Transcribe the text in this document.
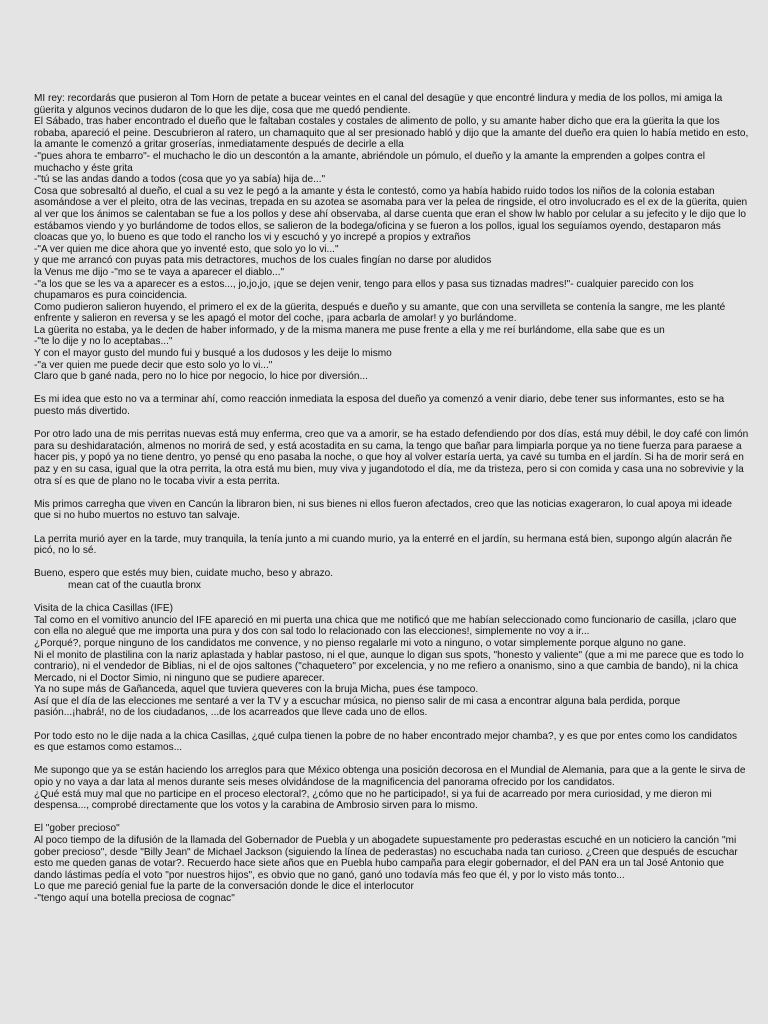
MI rey: recordarás que pusieron al Tom Horn de petate a bucear veintes en el canal del desagüe y que encontré lindura y media de los pollos, mi amiga la
güerita y algunos vecinos dudaron de lo que les dije, cosa que me quedó pendiente.
El Sábado, tras haber encontrado el dueño que le faltaban costales y costales de alimento de pollo, y su amante haber dicho que era la güerita la que los
robaba, apareció el peine. Descubrieron al ratero, un chamaquito que al ser presionado habló y dijo que la amante del dueño era quien lo había metido en esto,
la amante le comenzó a gritar groserías, inmediatamente después de decirle a ella
-"pues ahora te embarro"- el muchacho le dio un descontón a la amante, abriéndole un pómulo, el dueño y la amante la emprenden a golpes contra el
muchacho y éste grita
-"tú se las andas dando a todos (cosa que yo ya sabía) hija de..."
Cosa que sobresaltó al dueño, el cual a su vez le pegó a la amante y ésta le contestó, como ya había habido ruido todos los niños de la colonia estaban
asomándose a ver el pleito, otra de las vecinas, trepada en su azotea se asomaba para ver la pelea de ringside, el otro involucrado es el ex de la güerita, quien
al ver que los ánimos se calentaban se fue a los pollos y dese ahí observaba, al darse cuenta que eran el show lw hablo por celular a su jefecito y le dijo que lo
estábamos viendo y yo burlándome de todos ellos, se salieron de la bodega/oficina y se fueron a los pollos, igual los seguíamos oyendo, destaparon más
cloacas que yo, lo bueno es que todo el rancho los vi y escuchó y yo increpé a propios y extraños
-"A ver quien me dice ahora que yo inventé esto, que solo yo lo vi..."
y que me arrancó con puyas pata mis detractores, muchos de los cuales fingían no darse por aludidos
la Venus me dijo -"mo se te vaya a aparecer el diablo..."
-"a los que se les va a aparecer es a estos..., jo,jo,jo, ¡que se dejen venir, tengo para ellos y pasa sus tiznadas madres!"- cualquier parecido con los
chupamaros es pura coincidencia.
Como pudieron salieron huyendo, el primero el ex de la güerita, después e dueño y su amante, que con una servilleta se contenía la sangre, me les planté
enfrente y salieron en reversa y se les apagó el motor del coche, ¡para acbarla de amolar! y yo burlándome.
La güerita no estaba, ya le deden de haber informado, y de la misma manera me puse frente a ella y me reí burlándome, ella sabe que es un
-"te lo dije y no lo aceptabas..."
Y con el mayor gusto del mundo fui y busqué a los dudosos y les deije lo mismo
-"a ver quien me puede decir que esto solo yo lo vi..."
Claro que b gané nada, pero no lo hice por negocio, lo hice por diversión...
Es mi idea que esto no va a terminar ahí, como reacción inmediata la esposa del dueño ya comenzó a venir diario, debe tener sus informantes, esto se ha
puesto más divertido.
Por otro lado una de mis perritas nuevas está muy enferma, creo que va a amorir, se ha estado defendiendo por dos días, está muy débil, le doy café con limón
para su deshidaratación, almenos no morirá de sed, y está acostadita en su cama, la tengo que bañar para limpiarla porque ya no tiene fuerza para paraese a
hacer pis, y popó ya no tiene dentro, yo pensé qu eno pasaba la noche, o que hoy al volver estaría uerta, ya cavé su tumba en el jardín. Si ha de morir será en
paz y en su casa, igual que la otra perrita, la otra está mu bien, muy viva y jugandotodo el día, me da tristeza, pero si con comida y casa una no sobrevivie y la
otra sí es que de plano no le tocaba vivir a esta perrita.
Mis primos carregha que viven en Cancún la libraron bien, ni sus bienes ni ellos fueron afectados, creo que las noticias exageraron, lo cual apoya mi ideade
que si no hubo muertos no estuvo tan salvaje.
La perrita murió ayer en la tarde, muy tranquila, la tenía junto a mi cuando murio, ya la enterré en el jardín, su hermana está bien, supongo algún alacrán ñe
picó, no lo sé.
Bueno, espero que estés muy bien, cuidate mucho, beso y abrazo.
mean cat of the cuautla bronx
Visita de la chica Casillas (IFE)
Tal como en el vomitivo anuncio del IFE apareció en mi puerta una chica que me notificó que me habían seleccionado como funcionario de casilla, ¡claro que
con ella no alegué que me importa una pura y dos con sal todo lo relacionado con las elecciones!, simplemente no voy a ir...
¿Porqué?, porque ninguno de los candidatos me convence, y no pienso regalarle mi voto a ninguno, o votar simplemente porque alguno no gane.
Ni el monito de plastilina con la nariz aplastada y hablar pastoso, ni el que, aunque lo digan sus spots, "honesto y valiente" (que a mi me parece que es todo lo
contrario), ni el vendedor de Biblias, ni el de ojos saltones ("chaquetero" por excelencia, y no me refiero a onanismo, sino a que cambia de bando), ni la chica
Mercado, ni el Doctor Simio, ni ninguno que se pudiere aparecer.
Ya no supe más de Gañanceda, aquel que tuviera queveres con la bruja Micha, pues ése tampoco.
Así que el día de las elecciones me sentaré a ver la TV y a escuchar música, no pienso salir de mi casa a encontrar alguna bala perdida, porque
pasión...¡habrá!, no de los ciudadanos, ...de los acarreados que lleve cada uno de ellos.
Por todo esto no le dije nada a la chica Casillas, ¿qué culpa tienen la pobre de no haber encontrado mejor chamba?, y es que por entes como los candidatos
es que estamos como estamos...
Me supongo que ya se están haciendo los arreglos para que México obtenga una posición decorosa en el Mundial de Alemania, para que a la gente le sirva de
opio y no vaya a dar lata al menos durante seis meses olvidándose de la magnificencia del panorama ofrecido por los candidatos.
¿Qué está muy mal que no participe en el proceso electoral?, ¿cómo que no he participado!, si ya fui de acarreado por mera curiosidad, y me dieron mi
despensa..., comprobé directamente que los votos y la carabina de Ambrosio sirven para lo mismo.
El "gober precioso"
Al poco tiempo de la difusión de la llamada del Gobernador de Puebla y un abogadete supuestamente pro pederastas escuché en un noticiero la canción "mi
gober precioso", desde "Billy Jean" de Michael Jackson (siguiendo la línea de pederastas) no escuchaba nada tan curioso. ¿Creen que después de escuchar
esto me queden ganas de votar?. Recuerdo hace siete años que en Puebla hubo campaña para elegir gobernador, el del PAN era un tal José Antonio que
dando lástimas pedía el voto "por nuestros hijos", es obvio que no ganó, ganó uno todavía más feo que él, y por lo visto más tonto...
Lo que me pareció genial fue la parte de la conversación donde le dice el interlocutor
-"tengo aquí una botella preciosa de cognac"
